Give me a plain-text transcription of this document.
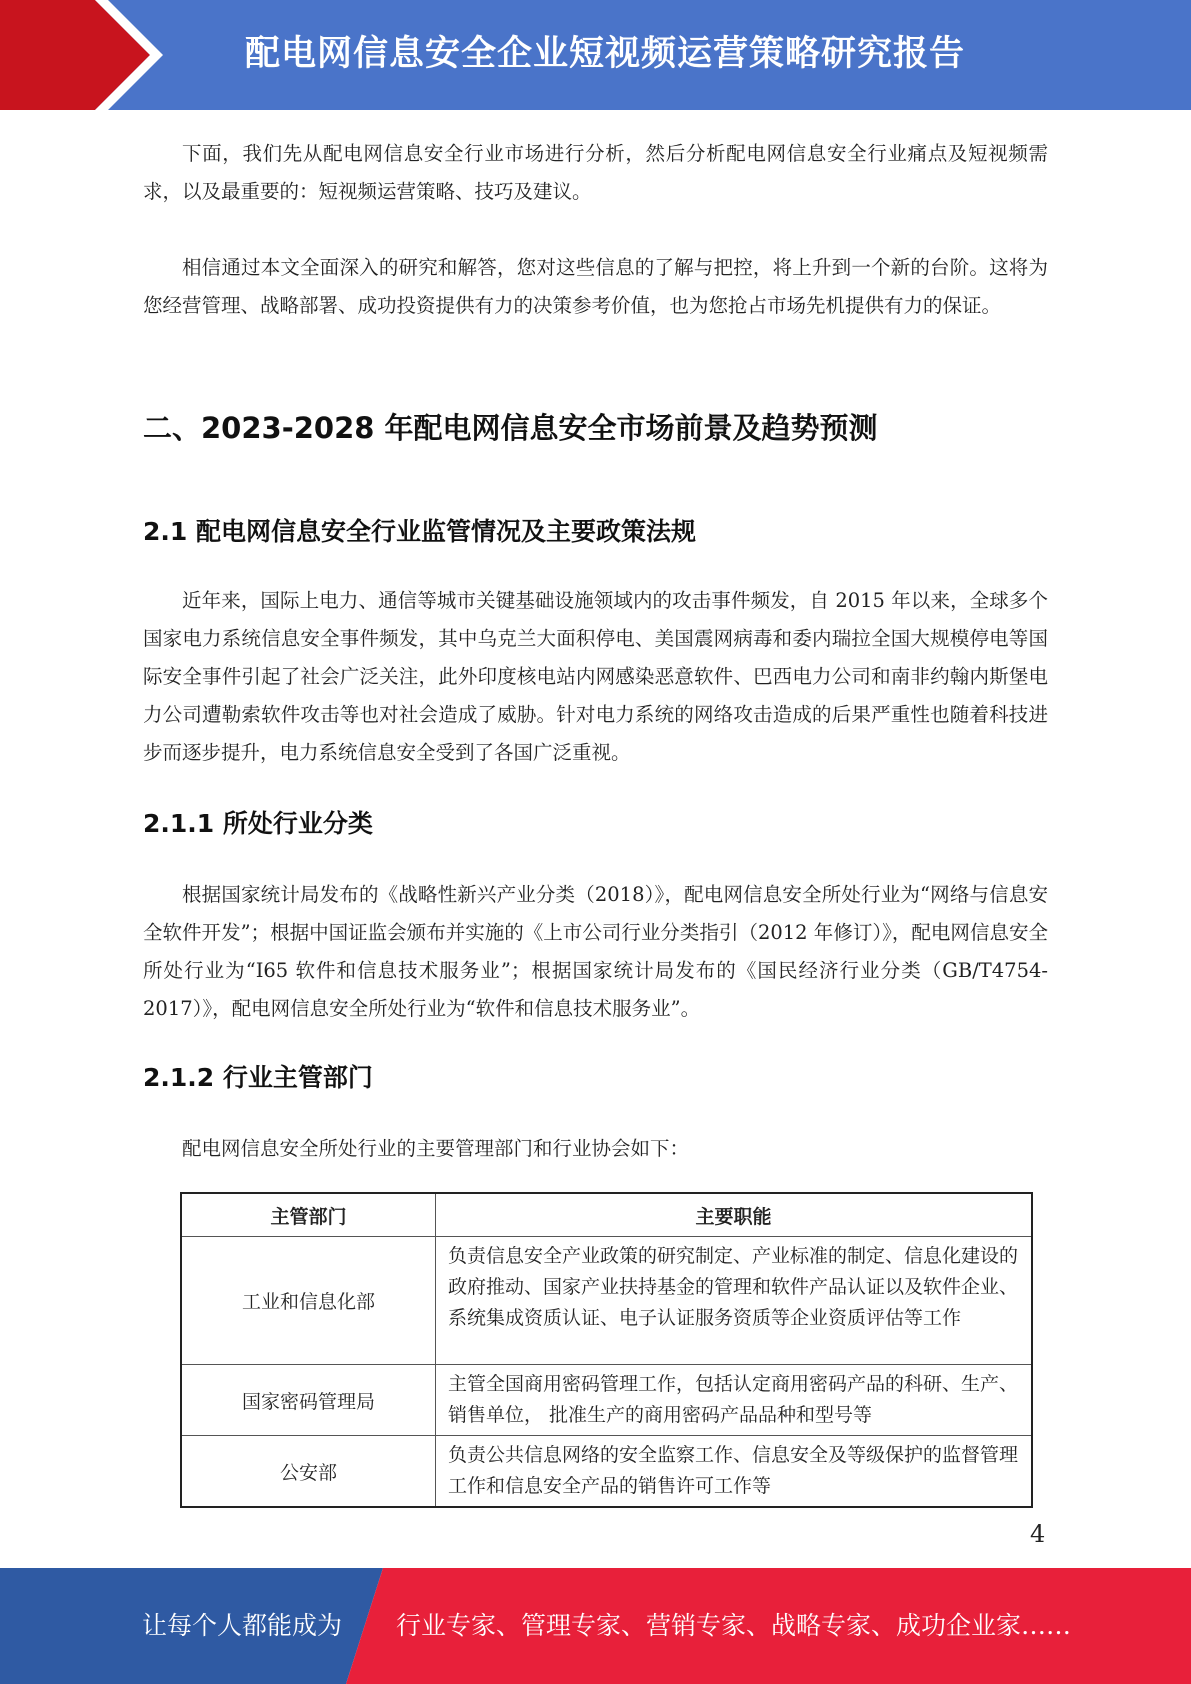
配电网信息安全企业短视频运营策略研究报告

下面，我们先从配电网信息安全行业市场进行分析，然后分析配电网信息安全行业痛点及短视频需求，以及最重要的：短视频运营策略、技巧及建议。

相信通过本文全面深入的研究和解答，您对这些信息的了解与把控，将上升到一个新的台阶。这将为您经营管理、战略部署、成功投资提供有力的决策参考价值，也为您抢占市场先机提供有力的保证。

二、2023-2028 年配电网信息安全市场前景及趋势预测
2.1 配电网信息安全行业监管情况及主要政策法规

近年来，国际上电力、通信等城市关键基础设施领域内的攻击事件频发，自 2015 年以来，全球多个国家电力系统信息安全事件频发，其中乌克兰大面积停电、美国震网病毒和委内瑞拉全国大规模停电等国际安全事件引起了社会广泛关注，此外印度核电站内网感染恶意软件、巴西电力公司和南非约翰内斯堡电力公司遭勒索软件攻击等也对社会造成了威胁。针对电力系统的网络攻击造成的后果严重性也随着科技进步而逐步提升，电力系统信息安全受到了各国广泛重视。

2.1.1 所处行业分类

根据国家统计局发布的《战略性新兴产业分类（2018）》，配电网信息安全所处行业为“网络与信息安全软件开发”；根据中国证监会颁布并实施的《上市公司行业分类指引（2012 年修订）》，配电网信息安全所处行业为“I65 软件和信息技术服务业”；根据国家统计局发布的《国民经济行业分类（GB/T4754-2017）》，配电网信息安全所处行业为“软件和信息技术服务业”。

2.1.2 行业主管部门

配电网信息安全所处行业的主要管理部门和行业协会如下：

主管部门	主要职能
工业和信息化部	负责信息安全产业政策的研究制定、产业标准的制定、信息化建设的政府推动、国家产业扶持基金的管理和软件产品认证以及软件企业、系统集成资质认证、电子认证服务资质等企业资质评估等工作
国家密码管理局	主管全国商用密码管理工作，包括认定商用密码产品的科研、生产、销售单位， 批准生产的商用密码产品品种和型号等
公安部	负责公共信息网络的安全监察工作、信息安全及等级保护的监督管理工作和信息安全产品的销售许可工作等
4
让每个人都能成为 行业专家、管理专家、营销专家、战略专家、成功企业家……
